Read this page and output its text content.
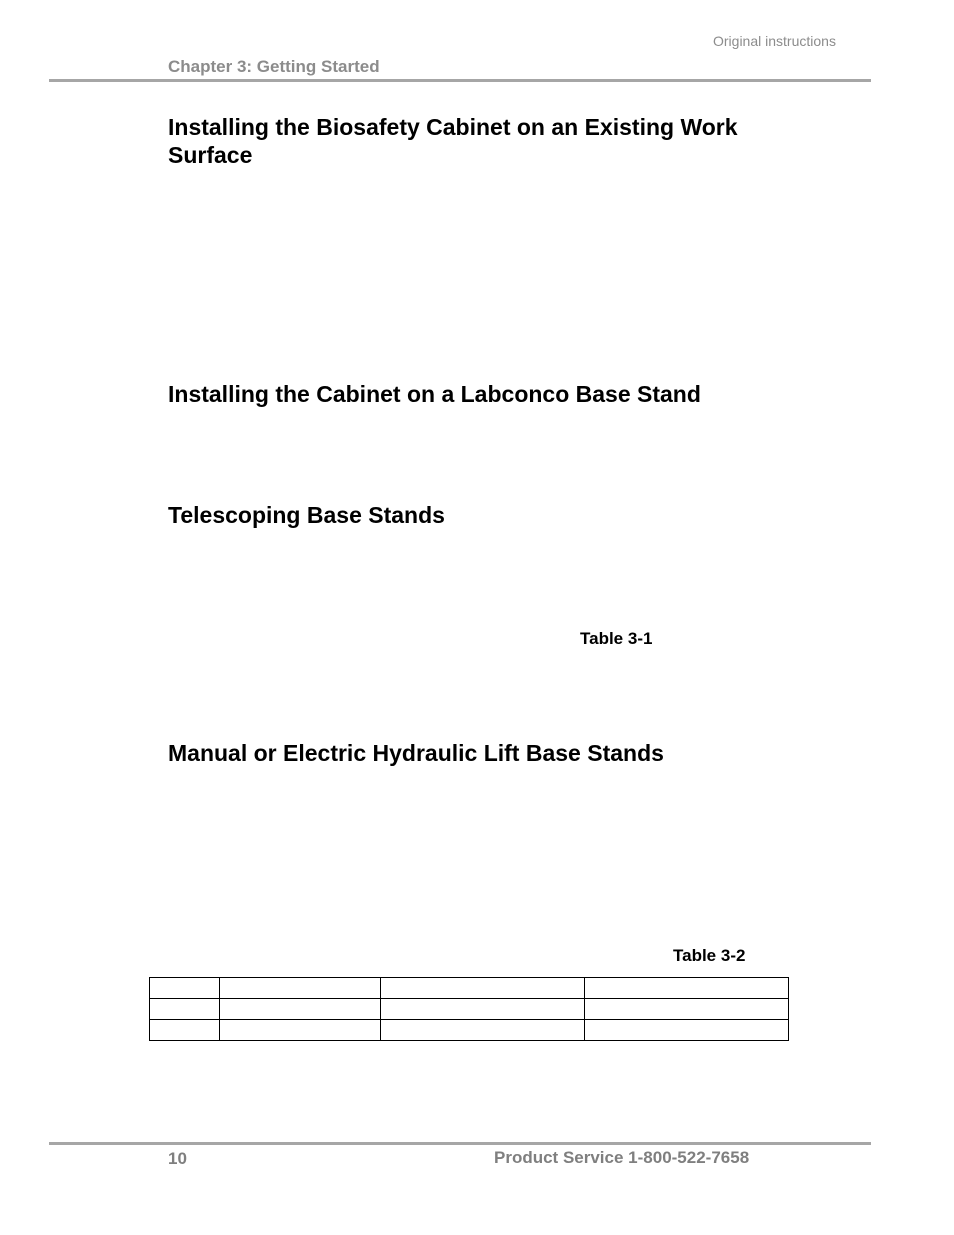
Original instructions
Chapter 3: Getting Started
Installing the Biosafety Cabinet on an Existing Work Surface
Installing the Cabinet on a Labconco Base Stand
Telescoping Base Stands
Table 3-1
Manual or Electric Hydraulic Lift Base Stands
Table 3-2

10	Product Service 1-800-522-7658
